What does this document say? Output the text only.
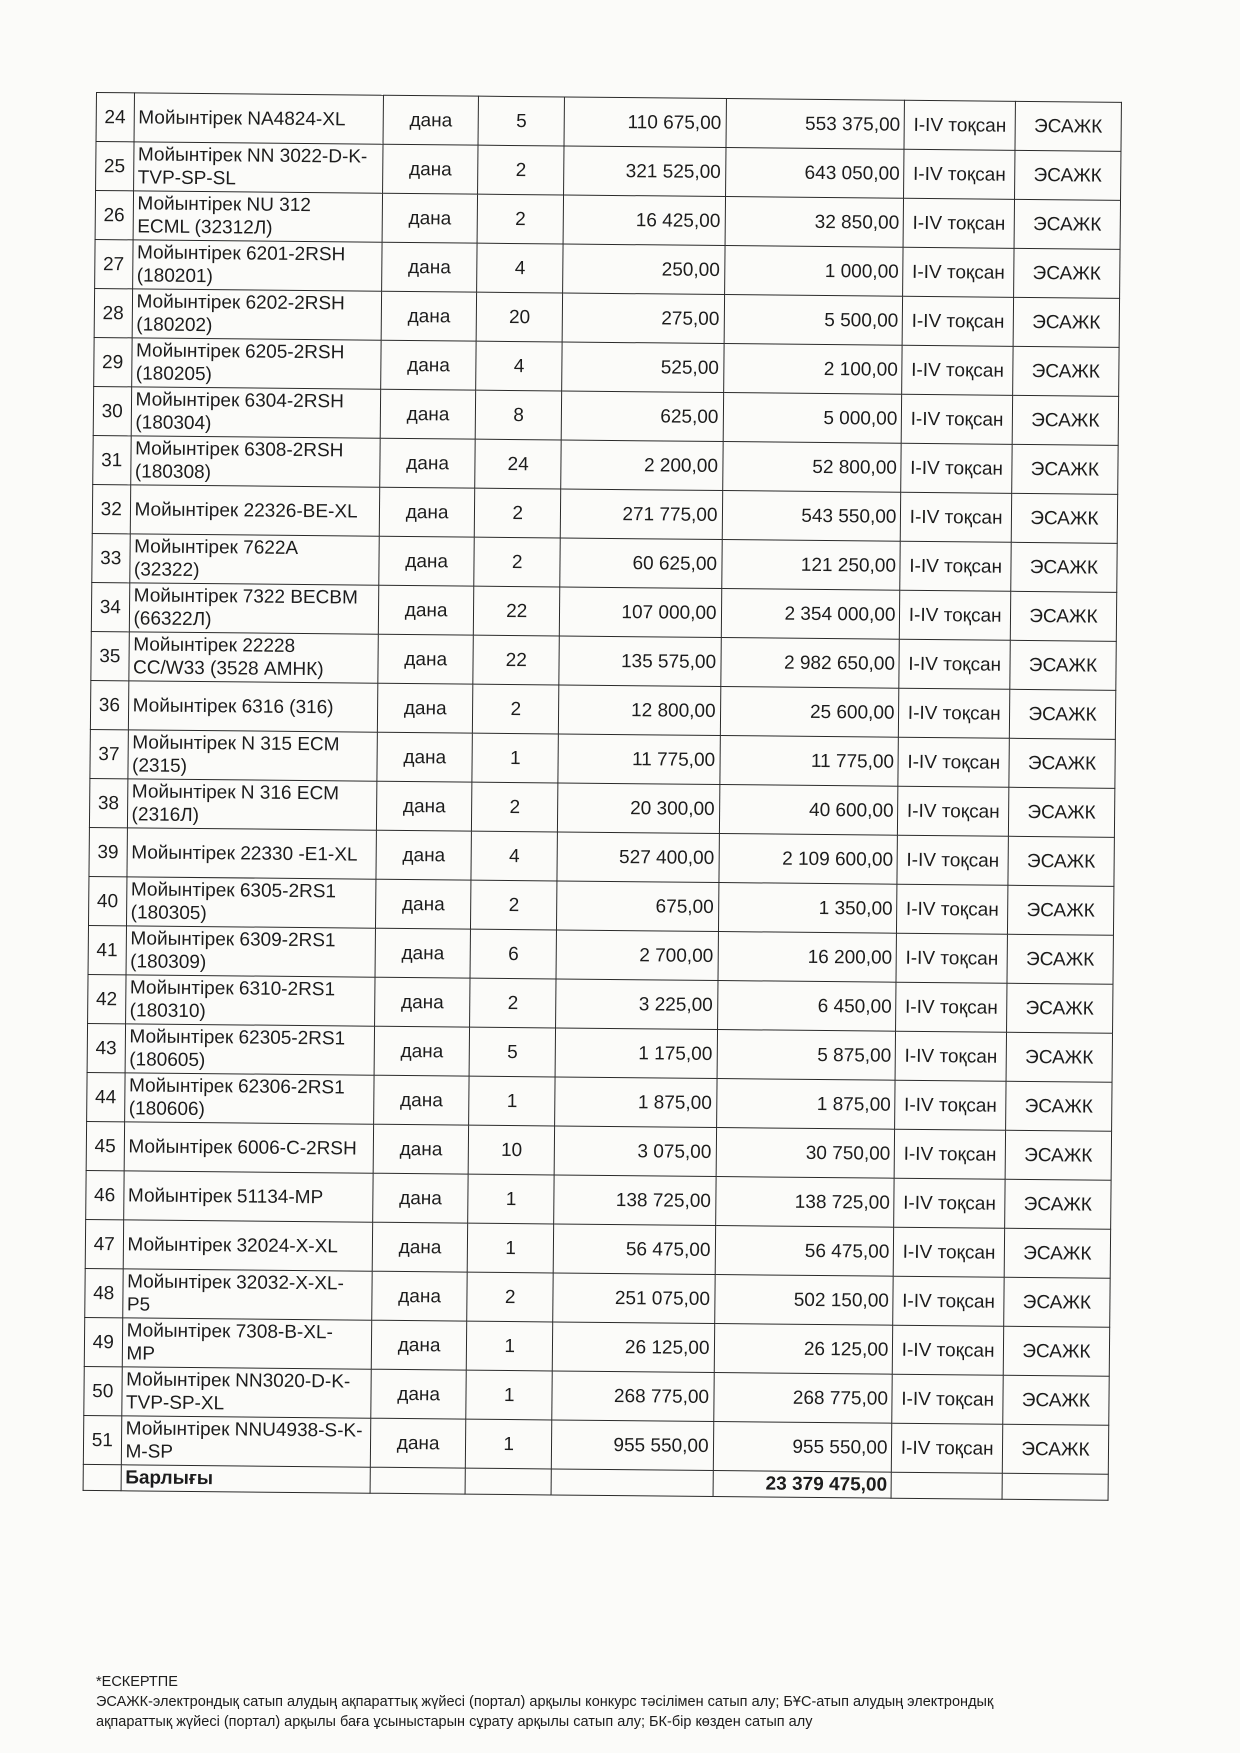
24	Мойынтірек NA4824-XL	дана	5	110 675,00	553 375,00	I-IV тоқсан	ЭСАЖК
25	Мойынтірек NN 3022-D-K-
TVP-SP-SL	дана	2	321 525,00	643 050,00	I-IV тоқсан	ЭСАЖК
26	Мойынтірек NU 312
ECML (32312Л)	дана	2	16 425,00	32 850,00	I-IV тоқсан	ЭСАЖК
27	Мойынтірек 6201-2RSH
(180201)	дана	4	250,00	1 000,00	I-IV тоқсан	ЭСАЖК
28	Мойынтірек 6202-2RSH
(180202)	дана	20	275,00	5 500,00	I-IV тоқсан	ЭСАЖК
29	Мойынтірек 6205-2RSH
(180205)	дана	4	525,00	2 100,00	I-IV тоқсан	ЭСАЖК
30	Мойынтірек 6304-2RSH
(180304)	дана	8	625,00	5 000,00	I-IV тоқсан	ЭСАЖК
31	Мойынтірек 6308-2RSH
(180308)	дана	24	2 200,00	52 800,00	I-IV тоқсан	ЭСАЖК
32	Мойынтірек 22326-BE-XL	дана	2	271 775,00	543 550,00	I-IV тоқсан	ЭСАЖК
33	Мойынтірек 7622А
(32322)	дана	2	60 625,00	121 250,00	I-IV тоқсан	ЭСАЖК
34	Мойынтірек 7322 BECBM
(66322Л)	дана	22	107 000,00	2 354 000,00	I-IV тоқсан	ЭСАЖК
35	Мойынтірек 22228
CC/W33 (3528 АМНК)	дана	22	135 575,00	2 982 650,00	I-IV тоқсан	ЭСАЖК
36	Мойынтірек 6316 (316)	дана	2	12 800,00	25 600,00	I-IV тоқсан	ЭСАЖК
37	Мойынтірек N 315 ECM
(2315)	дана	1	11 775,00	11 775,00	I-IV тоқсан	ЭСАЖК
38	Мойынтірек N 316 ECM
(2316Л)	дана	2	20 300,00	40 600,00	I-IV тоқсан	ЭСАЖК
39	Мойынтірек 22330 -E1-XL	дана	4	527 400,00	2 109 600,00	I-IV тоқсан	ЭСАЖК
40	Мойынтірек 6305-2RS1
(180305)	дана	2	675,00	1 350,00	I-IV тоқсан	ЭСАЖК
41	Мойынтірек 6309-2RS1
(180309)	дана	6	2 700,00	16 200,00	I-IV тоқсан	ЭСАЖК
42	Мойынтірек 6310-2RS1
(180310)	дана	2	3 225,00	6 450,00	I-IV тоқсан	ЭСАЖК
43	Мойынтірек 62305-2RS1
(180605)	дана	5	1 175,00	5 875,00	I-IV тоқсан	ЭСАЖК
44	Мойынтірек 62306-2RS1
(180606)	дана	1	1 875,00	1 875,00	I-IV тоқсан	ЭСАЖК
45	Мойынтірек 6006-C-2RSH	дана	10	3 075,00	30 750,00	I-IV тоқсан	ЭСАЖК
46	Мойынтірек 51134-MP	дана	1	138 725,00	138 725,00	I-IV тоқсан	ЭСАЖК
47	Мойынтірек 32024-X-XL	дана	1	56 475,00	56 475,00	I-IV тоқсан	ЭСАЖК
48	Мойынтірек 32032-X-XL-
P5	дана	2	251 075,00	502 150,00	I-IV тоқсан	ЭСАЖК
49	Мойынтірек 7308-B-XL-
MP	дана	1	26 125,00	26 125,00	I-IV тоқсан	ЭСАЖК
50	Мойынтірек NN3020-D-K-
TVP-SP-XL	дана	1	268 775,00	268 775,00	I-IV тоқсан	ЭСАЖК
51	Мойынтірек NNU4938-S-K-
M-SP	дана	1	955 550,00	955 550,00	I-IV тоқсан	ЭСАЖК
	Барлығы				23 379 475,00		
*ЕСКЕРТПЕ
ЭСАЖК-электрондық сатып алудың ақпараттық жүйесі (портал) арқылы конкурс тәсілімен сатып алу; БҰС-атып алудың электрондық
ақпараттық жүйесі (портал) арқылы баға ұсыныстарын сұрату арқылы сатып алу; БК-бір көзден сатып алу
